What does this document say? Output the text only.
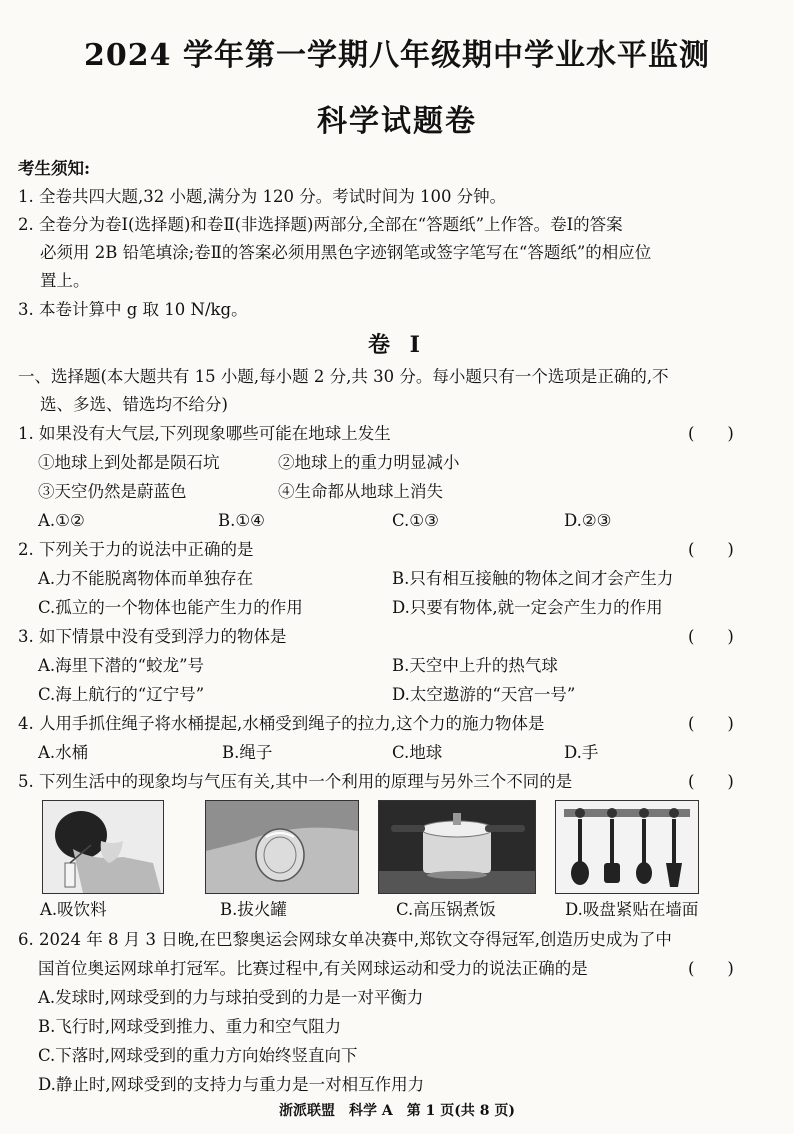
2024 学年第一学期八年级期中学业水平监测
科学试题卷
考生须知:
1. 全卷共四大题,32 小题,满分为 120 分。考试时间为 100 分钟。
2. 全卷分为卷Ⅰ(选择题)和卷Ⅱ(非选择题)两部分,全部在“答题纸”上作答。卷Ⅰ的答案
必须用 2B 铅笔填涂;卷Ⅱ的答案必须用黑色字迹钢笔或签字笔写在“答题纸”的相应位
置上。
3. 本卷计算中 g 取 10 N/kg。
卷 Ⅰ
一、选择题(本大题共有 15 小题,每小题 2 分,共 30 分。每小题只有一个选项是正确的,不
选、多选、错选均不给分)
1. 如果没有大气层,下列现象哪些可能在地球上发生	(　　)
①地球上到处都是陨石坑	②地球上的重力明显减小
③天空仍然是蔚蓝色	④生命都从地球上消失
A.①②	B.①④	C.①③	D.②③
2. 下列关于力的说法中正确的是	(　　)
A.力不能脱离物体而单独存在	B.只有相互接触的物体之间才会产生力
C.孤立的一个物体也能产生力的作用	D.只要有物体,就一定会产生力的作用
3. 如下情景中没有受到浮力的物体是	(　　)
A.海里下潜的“蛟龙”号	B.天空中上升的热气球
C.海上航行的“辽宁号”	D.太空遨游的“天宫一号”
4. 人用手抓住绳子将水桶提起,水桶受到绳子的拉力,这个力的施力物体是	(　　)
A.水桶	B.绳子	C.地球	D.手
5. 下列生活中的现象均与气压有关,其中一个利用的原理与另外三个不同的是	(　　)
A.吸饮料	B.拔火罐	C.高压锅煮饭	D.吸盘紧贴在墙面
6. 2024 年 8 月 3 日晚,在巴黎奥运会网球女单决赛中,郑钦文夺得冠军,创造历史成为了中
国首位奥运网球单打冠军。比赛过程中,有关网球运动和受力的说法正确的是	(　　)
A.发球时,网球受到的力与球拍受到的力是一对平衡力
B.飞行时,网球受到推力、重力和空气阻力
C.下落时,网球受到的重力方向始终竖直向下
D.静止时,网球受到的支持力与重力是一对相互作用力
浙派联盟　科学 A　第 1 页(共 8 页)
